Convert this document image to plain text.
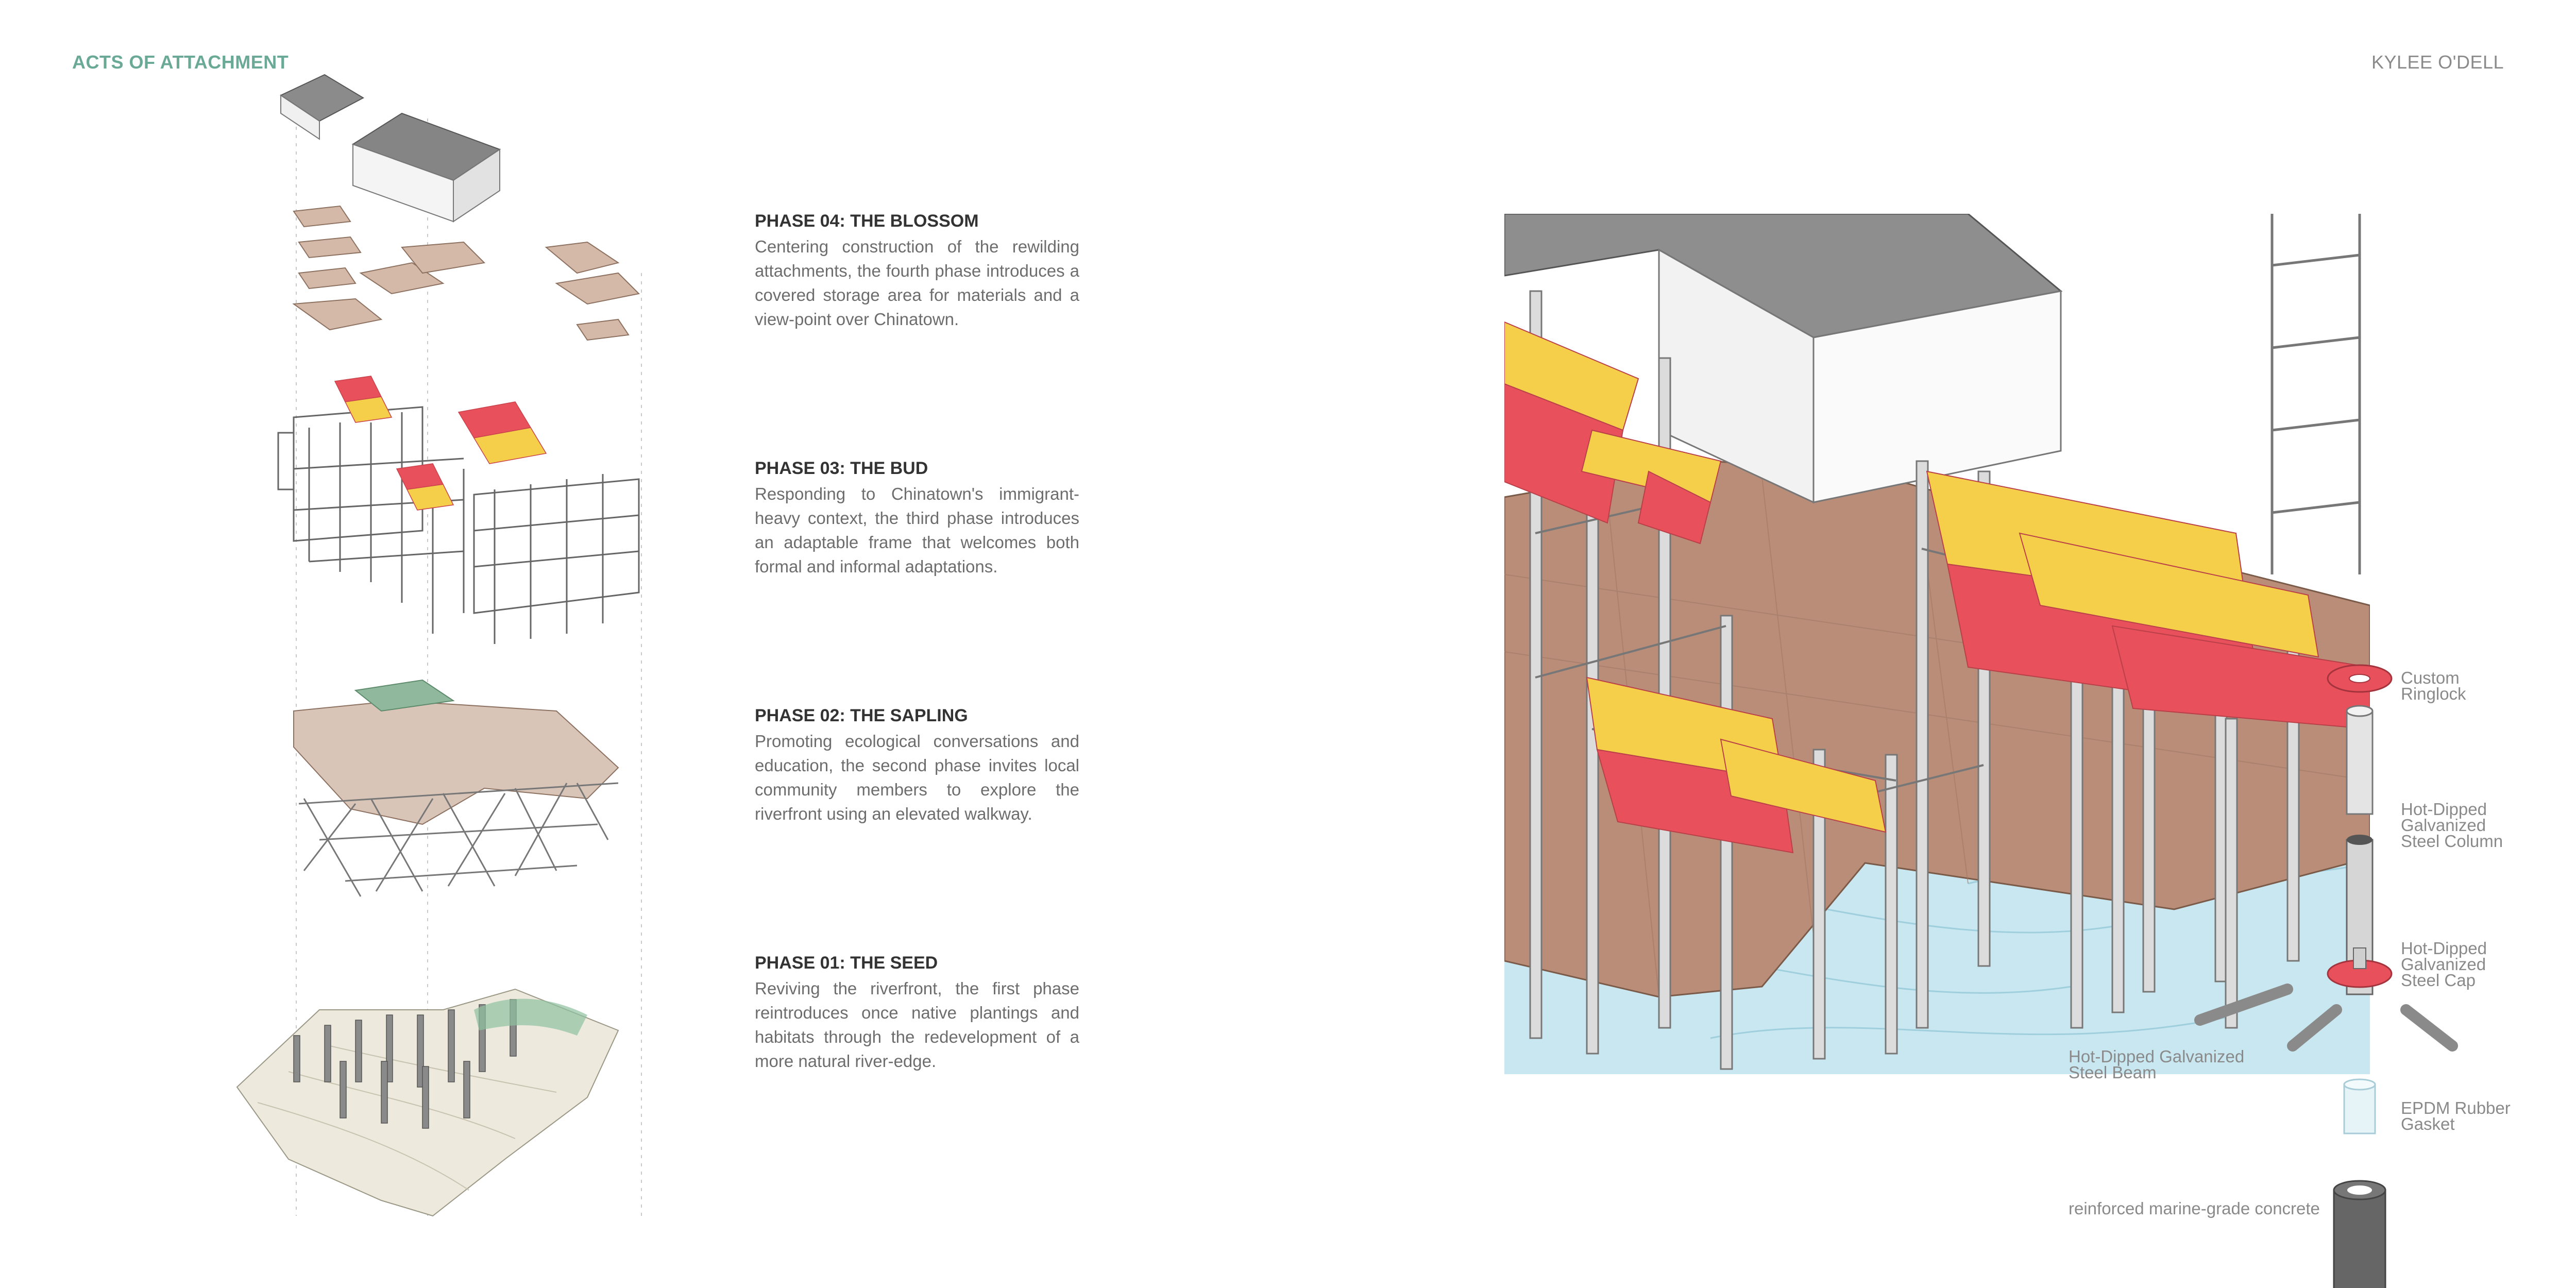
ACTS OF ATTACHMENT	KYLEE O'DELL
PHASE 04: THE BLOSSOM

Centering construction of the rewilding attachments, the fourth phase introduces a covered storage area for materials and a view-point over Chinatown.

PHASE 03: THE BUD

Responding to Chinatown's immigrant-heavy context, the third phase introduces an adaptable frame that welcomes both formal and informal adaptations.

PHASE 02: THE SAPLING

Promoting ecological conversations and education, the second phase invites local community members to explore the riverfront using an elevated walkway.

PHASE 01: THE SEED

Reviving the riverfront, the first phase reintroduces once native plantings and habitats through the redevelopment of a more natural river-edge.

Custom Ringlock
Hot-Dipped Galvanized Steel Column
Hot-Dipped Galvanized Steel Cap
Hot-Dipped Galvanized Steel Beam
EPDM Rubber Gasket
reinforced marine-grade concrete
